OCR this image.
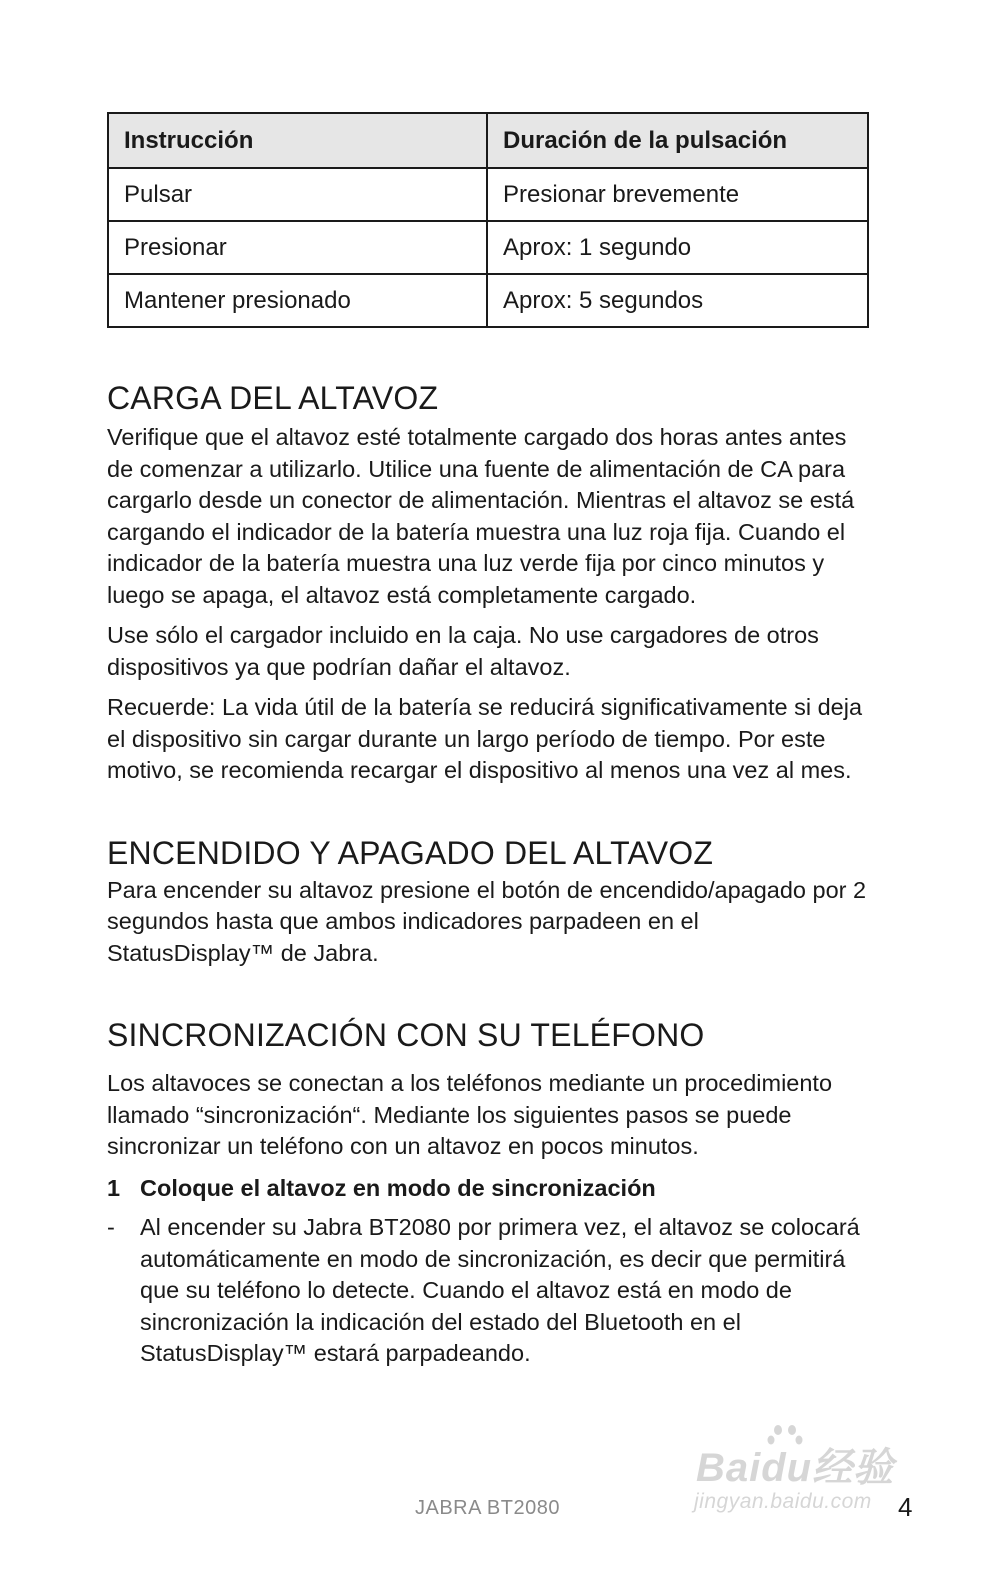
Instrucción	Duración de la pulsación
Pulsar	Presionar brevemente
Presionar	Aprox: 1 segundo
Mantener presionado	Aprox: 5 segundos
CARGA DEL ALTAVOZ

Verifique que el altavoz esté totalmente cargado dos horas antes antes de comenzar a utilizarlo. Utilice una fuente de alimentación de CA para cargarlo desde un conector de alimentación. Mientras el altavoz se está cargando el indicador de la batería muestra una luz roja fija. Cuando el indicador de la batería muestra una luz verde fija por cinco minutos y luego se apaga, el altavoz está completamente cargado.

Use sólo el cargador incluido en la caja. No use cargadores de otros dispositivos ya que podrían dañar el altavoz.

Recuerde: La vida útil de la batería se reducirá significativamente si deja el dispositivo sin cargar durante un largo período de tiempo. Por este motivo, se recomienda recargar el dispositivo al menos una vez al mes.

ENCENDIDO Y APAGADO DEL ALTAVOZ

Para encender su altavoz presione el botón de encendido/apagado por 2 segundos hasta que ambos indicadores parpadeen en el StatusDisplay™ de Jabra.

SINCRONIZACIÓN CON SU TELÉFONO

Los altavoces se conectan a los teléfonos mediante un procedimiento llamado “sincronización“. Mediante los siguientes pasos se puede sincronizar un teléfono con un altavoz en pocos minutos.

1 Coloque el altavoz en modo de sincronización
-	Al encender su Jabra BT2080 por primera vez, el altavoz se colocará automáticamente en modo de sincronización, es decir que permitirá que su teléfono lo detecte. Cuando el altavoz está en modo de sincronización la indicación del estado del Bluetooth en el StatusDisplay™ estará parpadeando.
JABRA BT2080	4
Baidu经验
jingyan.baidu.com
